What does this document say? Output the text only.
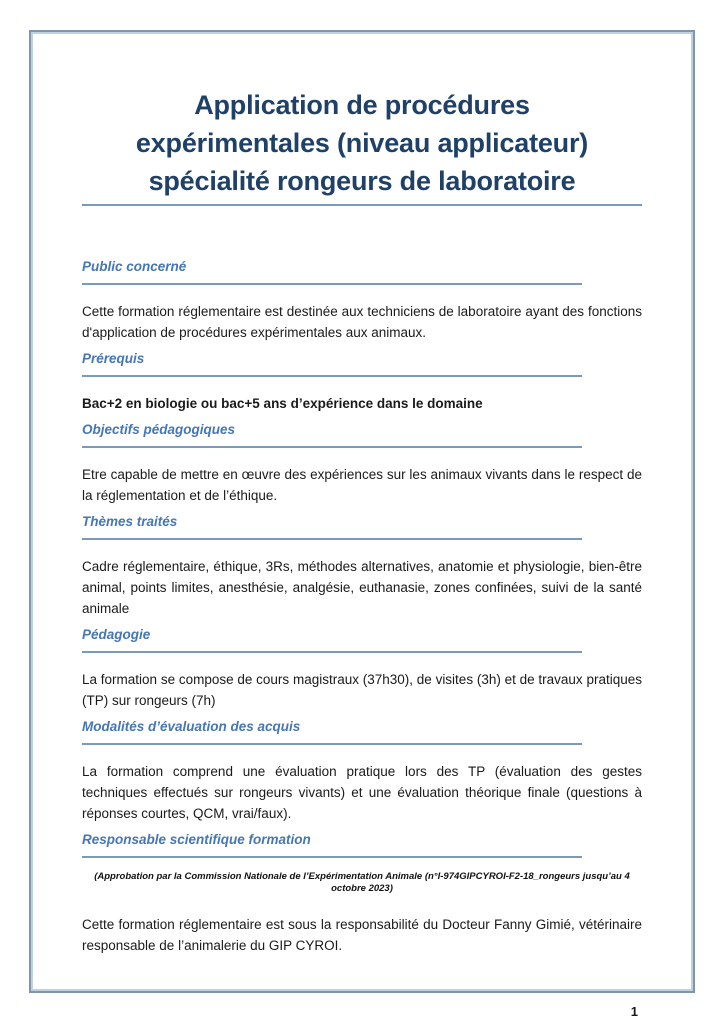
Application de procédures
expérimentales (niveau applicateur)
spécialité rongeurs de laboratoire
Public concerné

Cette formation réglementaire est destinée aux techniciens de laboratoire ayant des fonctions d'application de procédures expérimentales aux animaux.

Prérequis

Bac+2 en biologie ou bac+5 ans d’expérience dans le domaine

Objectifs pédagogiques

Etre capable de mettre en œuvre des expériences sur les animaux vivants dans le respect de la réglementation et de l’éthique.

Thèmes traités

Cadre réglementaire, éthique, 3Rs, méthodes alternatives, anatomie et physiologie, bien-être animal, points limites, anesthésie, analgésie, euthanasie, zones confinées, suivi de la santé animale

Pédagogie

La formation se compose de cours magistraux (37h30), de visites (3h) et de travaux pratiques (TP) sur rongeurs (7h)

Modalités d’évaluation des acquis

La formation comprend une évaluation pratique lors des TP (évaluation des gestes techniques effectués sur rongeurs vivants) et une évaluation théorique finale (questions à réponses courtes, QCM, vrai/faux).

Responsable scientifique formation

(Approbation par la Commission Nationale de l’Expérimentation Animale (n°I-974GIPCYROI-F2-18_rongeurs jusqu’au 4 octobre 2023)

Cette formation réglementaire est sous la responsabilité du Docteur Fanny Gimié, vétérinaire responsable de l’animalerie du GIP CYROI.

1
